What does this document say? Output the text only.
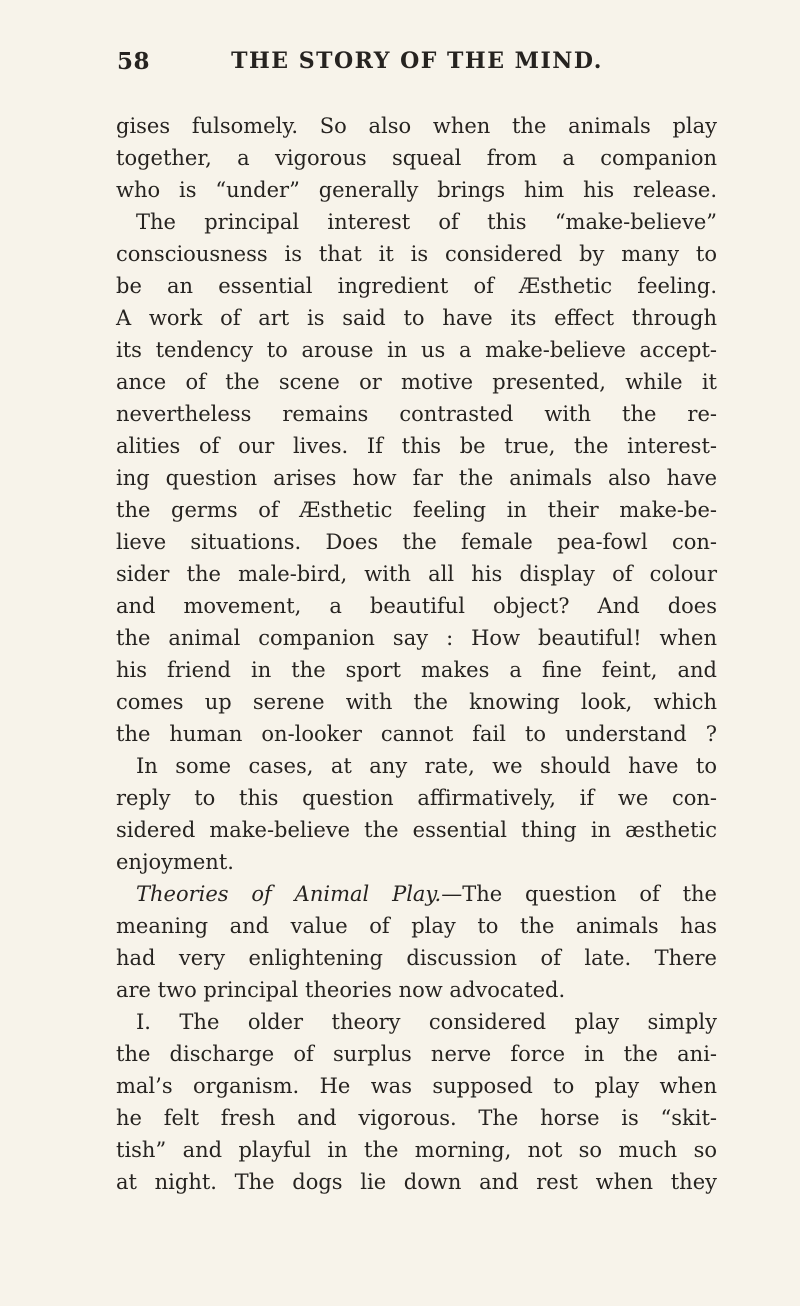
58	THE STORY OF THE MIND.
gises fulsomely. So also when the animals play
together, a vigorous squeal from a companion
who is “under” generally brings him his release.
The principal interest of this “make-believe”
consciousness is that it is considered by many to
be an essential ingredient of Æsthetic feeling.
A work of art is said to have its effect through
its tendency to arouse in us a make-believe accept-
ance of the scene or motive presented, while it
nevertheless remains contrasted with the re-
alities of our lives. If this be true, the interest-
ing question arises how far the animals also have
the germs of Æsthetic feeling in their make-be-
lieve situations. Does the female pea-fowl con-
sider the male-bird, with all his display of colour
and movement, a beautiful object? And does
the animal companion say : How beautiful! when
his friend in the sport makes a fine feint, and
comes up serene with the knowing look, which
the human on-looker cannot fail to understand ?
In some cases, at any rate, we should have to
reply to this question affirmatively, if we con-
sidered make-believe the essential thing in æsthetic
enjoyment.
Theories of Animal Play.—The question of the
meaning and value of play to the animals has
had very enlightening discussion of late. There
are two principal theories now advocated.
I. The older theory considered play simply
the discharge of surplus nerve force in the ani-
mal’s organism. He was supposed to play when
he felt fresh and vigorous. The horse is “skit-
tish” and playful in the morning, not so much so
at night. The dogs lie down and rest when they
